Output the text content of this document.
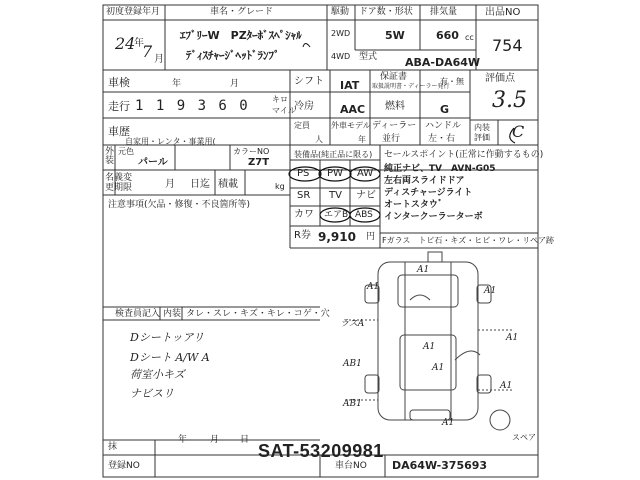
初度登録年月
24
年
7 月
車名・グレード
ｴﾌﾞﾘｰW　PZﾀｰﾎﾞｽﾍﾟｼｬﾙ
ﾃﾞｨｽﾁｬｰｼﾞﾍｯﾄﾞﾗﾝﾌﾟ
駆動
2WD
4WD
ドア数・形状
5W
排気量
660 cc
型式	ABA-DA64W
出品NO
754
車検	年	月	シフト IAT
保証書
取扱説明書・ディーラー発行
有・無 評価点
3.5
走行 1 1 9 3 6 0	キロ
マイル
冷房 AAC 燃料	G
車歴
自家用・レンタ・事業用(
定員
人
外車モデル
年
ディーラー
並行
ハンドル
左・右
内装
評価 C
外装
元色
パール
カラーNO
Z7T
名義変更期限	月 日迄 積載	kg
注意事項(欠品・修復・不良箇所等)
装備品(純正品に限る)
PS PW AW
SR TV ナビ
カワ エアB ABS
R券 9,910 円
セールスポイント(正常に作動するもの)
純正ナビ、TV　AVN-G05
左右両スライドドア
ディスチャージライト
オートスタウ゛
インタークーラーターボ
Fガラス　トビ石・キズ・ヒビ・ワレ・リペア跡
検査員記入 内装 タレ・スレ・キズ・キレ・コゲ・穴
Dシートッアリ
Dシート A/W A
荷室小キズ
ナビスリ
ラスA
A1
A1	A1
A1
AB1
AB1
A1
A1
A1
A1
スペア
SAT-53209981
登録NO
抹
年	月 日
車台NO DA64W-375693
